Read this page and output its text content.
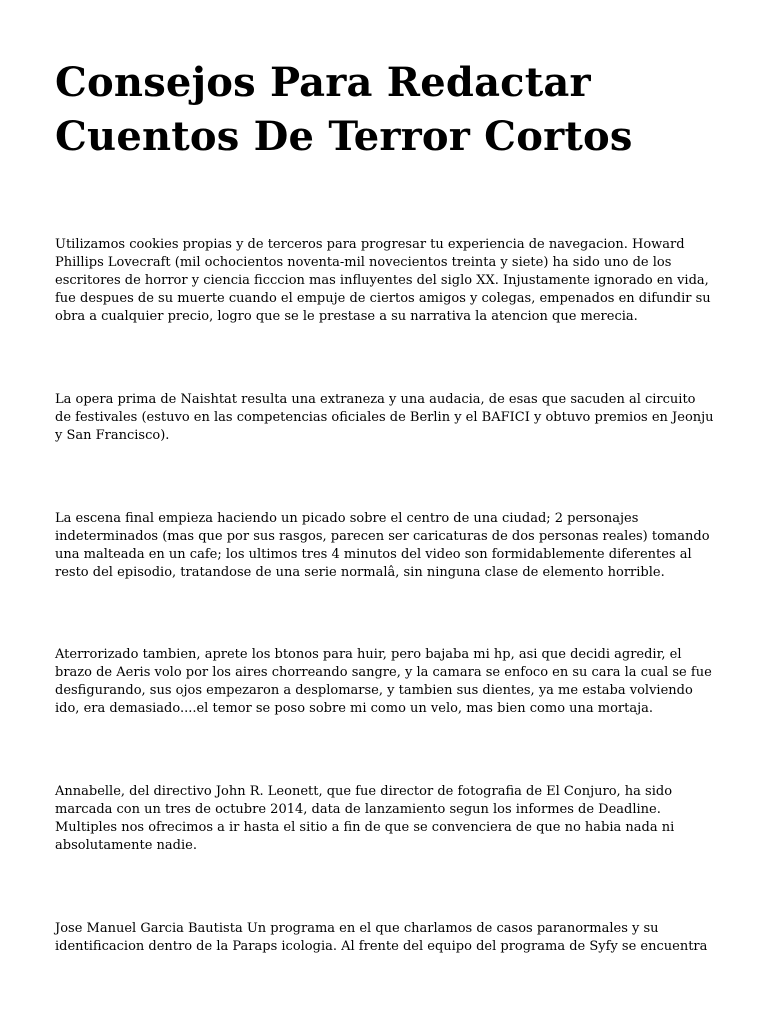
Consejos Para Redactar Cuentos De Terror Cortos

Utilizamos cookies propias y de terceros para progresar tu experiencia de navegacion. Howard Phillips Lovecraft (mil ochocientos noventa-mil novecientos treinta y siete) ha sido uno de los escritores de horror y ciencia ficccion mas influyentes del siglo XX. Injustamente ignorado en vida, fue despues de su muerte cuando el empuje de ciertos amigos y colegas, empenados en difundir su obra a cualquier precio, logro que se le prestase a su narrativa la atencion que merecia.

La opera prima de Naishtat resulta una extraneza y una audacia, de esas que sacuden al circuito de festivales (estuvo en las competencias oficiales de Berlin y el BAFICI y obtuvo premios en Jeonju y San Francisco).

La escena final empieza haciendo un picado sobre el centro de una ciudad; 2 personajes indeterminados (mas que por sus rasgos, parecen ser caricaturas de dos personas reales) tomando una malteada en un cafe; los ultimos tres 4 minutos del video son formidablemente diferentes al resto del episodio, tratandose de una serie normalâ, sin ninguna clase de elemento horrible.

Aterrorizado tambien, aprete los btonos para huir, pero bajaba mi hp, asi que decidi agredir, el brazo de Aeris volo por los aires chorreando sangre, y la camara se enfoco en su cara la cual se fue desfigurando, sus ojos empezaron a desplomarse, y tambien sus dientes, ya me estaba volviendo ido, era demasiado....el temor se poso sobre mi como un velo, mas bien como una mortaja.

Annabelle, del directivo John R. Leonett, que fue director de fotografia de El Conjuro, ha sido marcada con un tres de octubre 2014, data de lanzamiento segun los informes de Deadline. Multiples nos ofrecimos a ir hasta el sitio a fin de que se convenciera de que no habia nada ni absolutamente nadie.

Jose Manuel Garcia Bautista Un programa en el que charlamos de casos paranormales y su identificacion dentro de la Paraps icologia. Al frente del equipo del programa de Syfy se encuentra
